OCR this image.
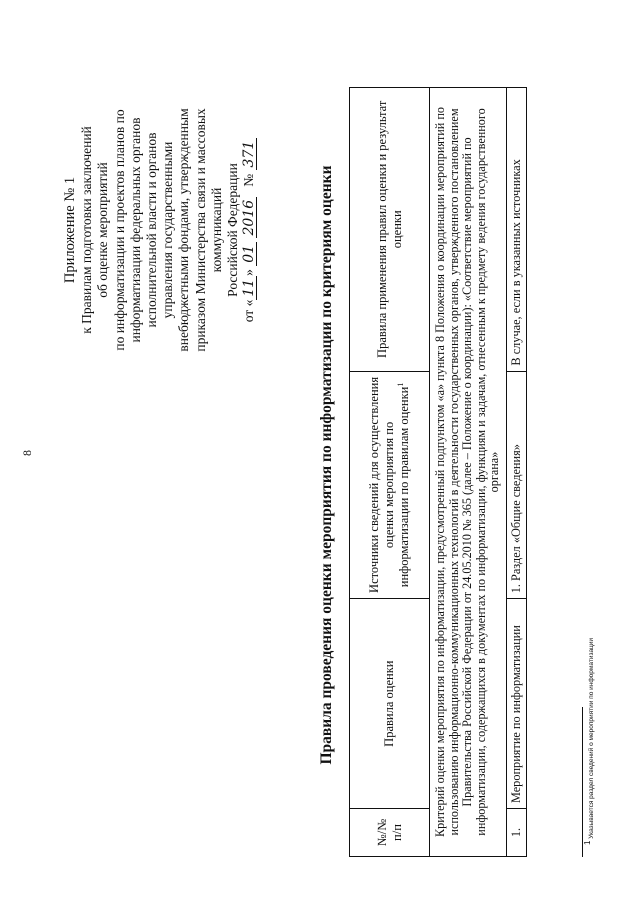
8
Приложение № 1 к Правилам подготовки заключений об оценке мероприятий по информатизации и проектов планов по информатизации федеральных органов исполнительной власти и органов управления государственными внебюджетными фондами, утвержденным приказом Министерства связи и массовых коммуникаций Российской Федерации
от «11» 01 2016   № 371
Правила проведения оценки мероприятия по информатизации по критериям оценки
№/№ п/п	Правила оценки	Источники сведений для осуществления оценки мероприятия по информатизации по правилам оценки$^1$	Правила применения правил оценки и результат оценки
Критерий оценки мероприятия по информатизации, предусмотренный подпунктом «а» пункта 8 Положения о координации мероприятий по использованию информационно-коммуникационных технологий в деятельности государственных органов, утвержденного постановлением Правительства Российской Федерации от 24.05.2010 № 365 (далее – Положение о координации): «Соответствие мероприятий по информатизации, содержащихся в документах по информатизации, функциям и задачам, отнесенным к предмету ведения государственного органа»			
1.	Мероприятие по информатизации	1. Раздел «Общие сведения»	В случае, если в указанных источниках
1 Указывается раздел сведений о мероприятии по информатизации
